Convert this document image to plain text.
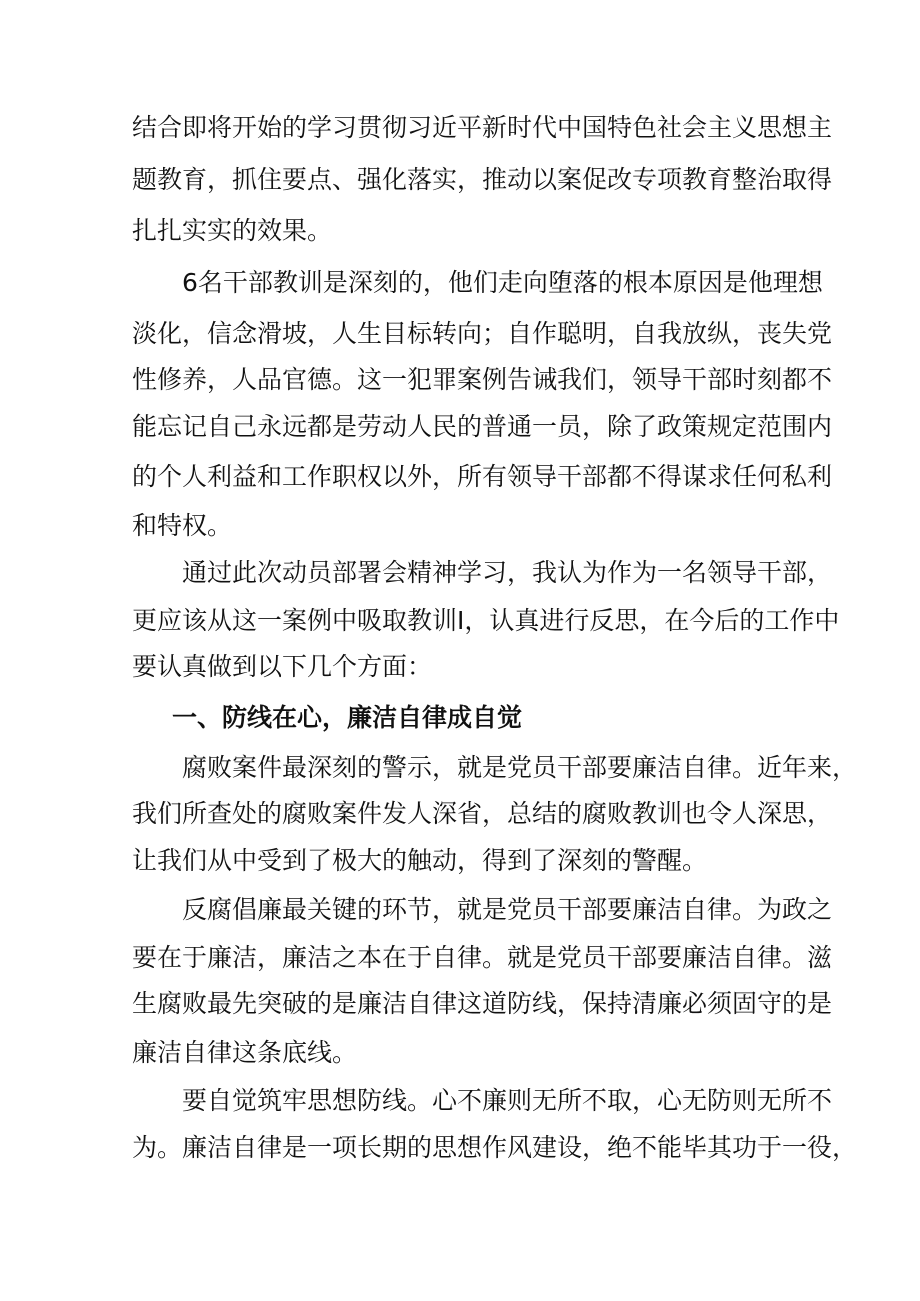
结合即将开始的学习贯彻习近平新时代中国特色社会主义思想主
题教育，抓住要点、强化落实，推动以案促改专项教育整治取得
扎扎实实的效果。
6名干部教训是深刻的，他们走向堕落的根本原因是他理想
淡化，信念滑坡，人生目标转向；自作聪明，自我放纵，丧失党
性修养，人品官德。这一犯罪案例告诫我们，领导干部时刻都不
能忘记自己永远都是劳动人民的普通一员，除了政策规定范围内
的个人利益和工作职权以外，所有领导干部都不得谋求任何私利
和特权。
通过此次动员部署会精神学习，我认为作为一名领导干部，
更应该从这一案例中吸取教训I，认真进行反思，在今后的工作中
要认真做到以下几个方面：
一、防线在心，廉洁自律成自觉
腐败案件最深刻的警示，就是党员干部要廉洁自律。近年来，
我们所查处的腐败案件发人深省，总结的腐败教训也令人深思，
让我们从中受到了极大的触动，得到了深刻的警醒。
反腐倡廉最关键的环节，就是党员干部要廉洁自律。为政之
要在于廉洁，廉洁之本在于自律。就是党员干部要廉洁自律。滋
生腐败最先突破的是廉洁自律这道防线，保持清廉必须固守的是
廉洁自律这条底线。
要自觉筑牢思想防线。心不廉则无所不取，心无防则无所不
为。廉洁自律是一项长期的思想作风建设，绝不能毕其功于一役，
